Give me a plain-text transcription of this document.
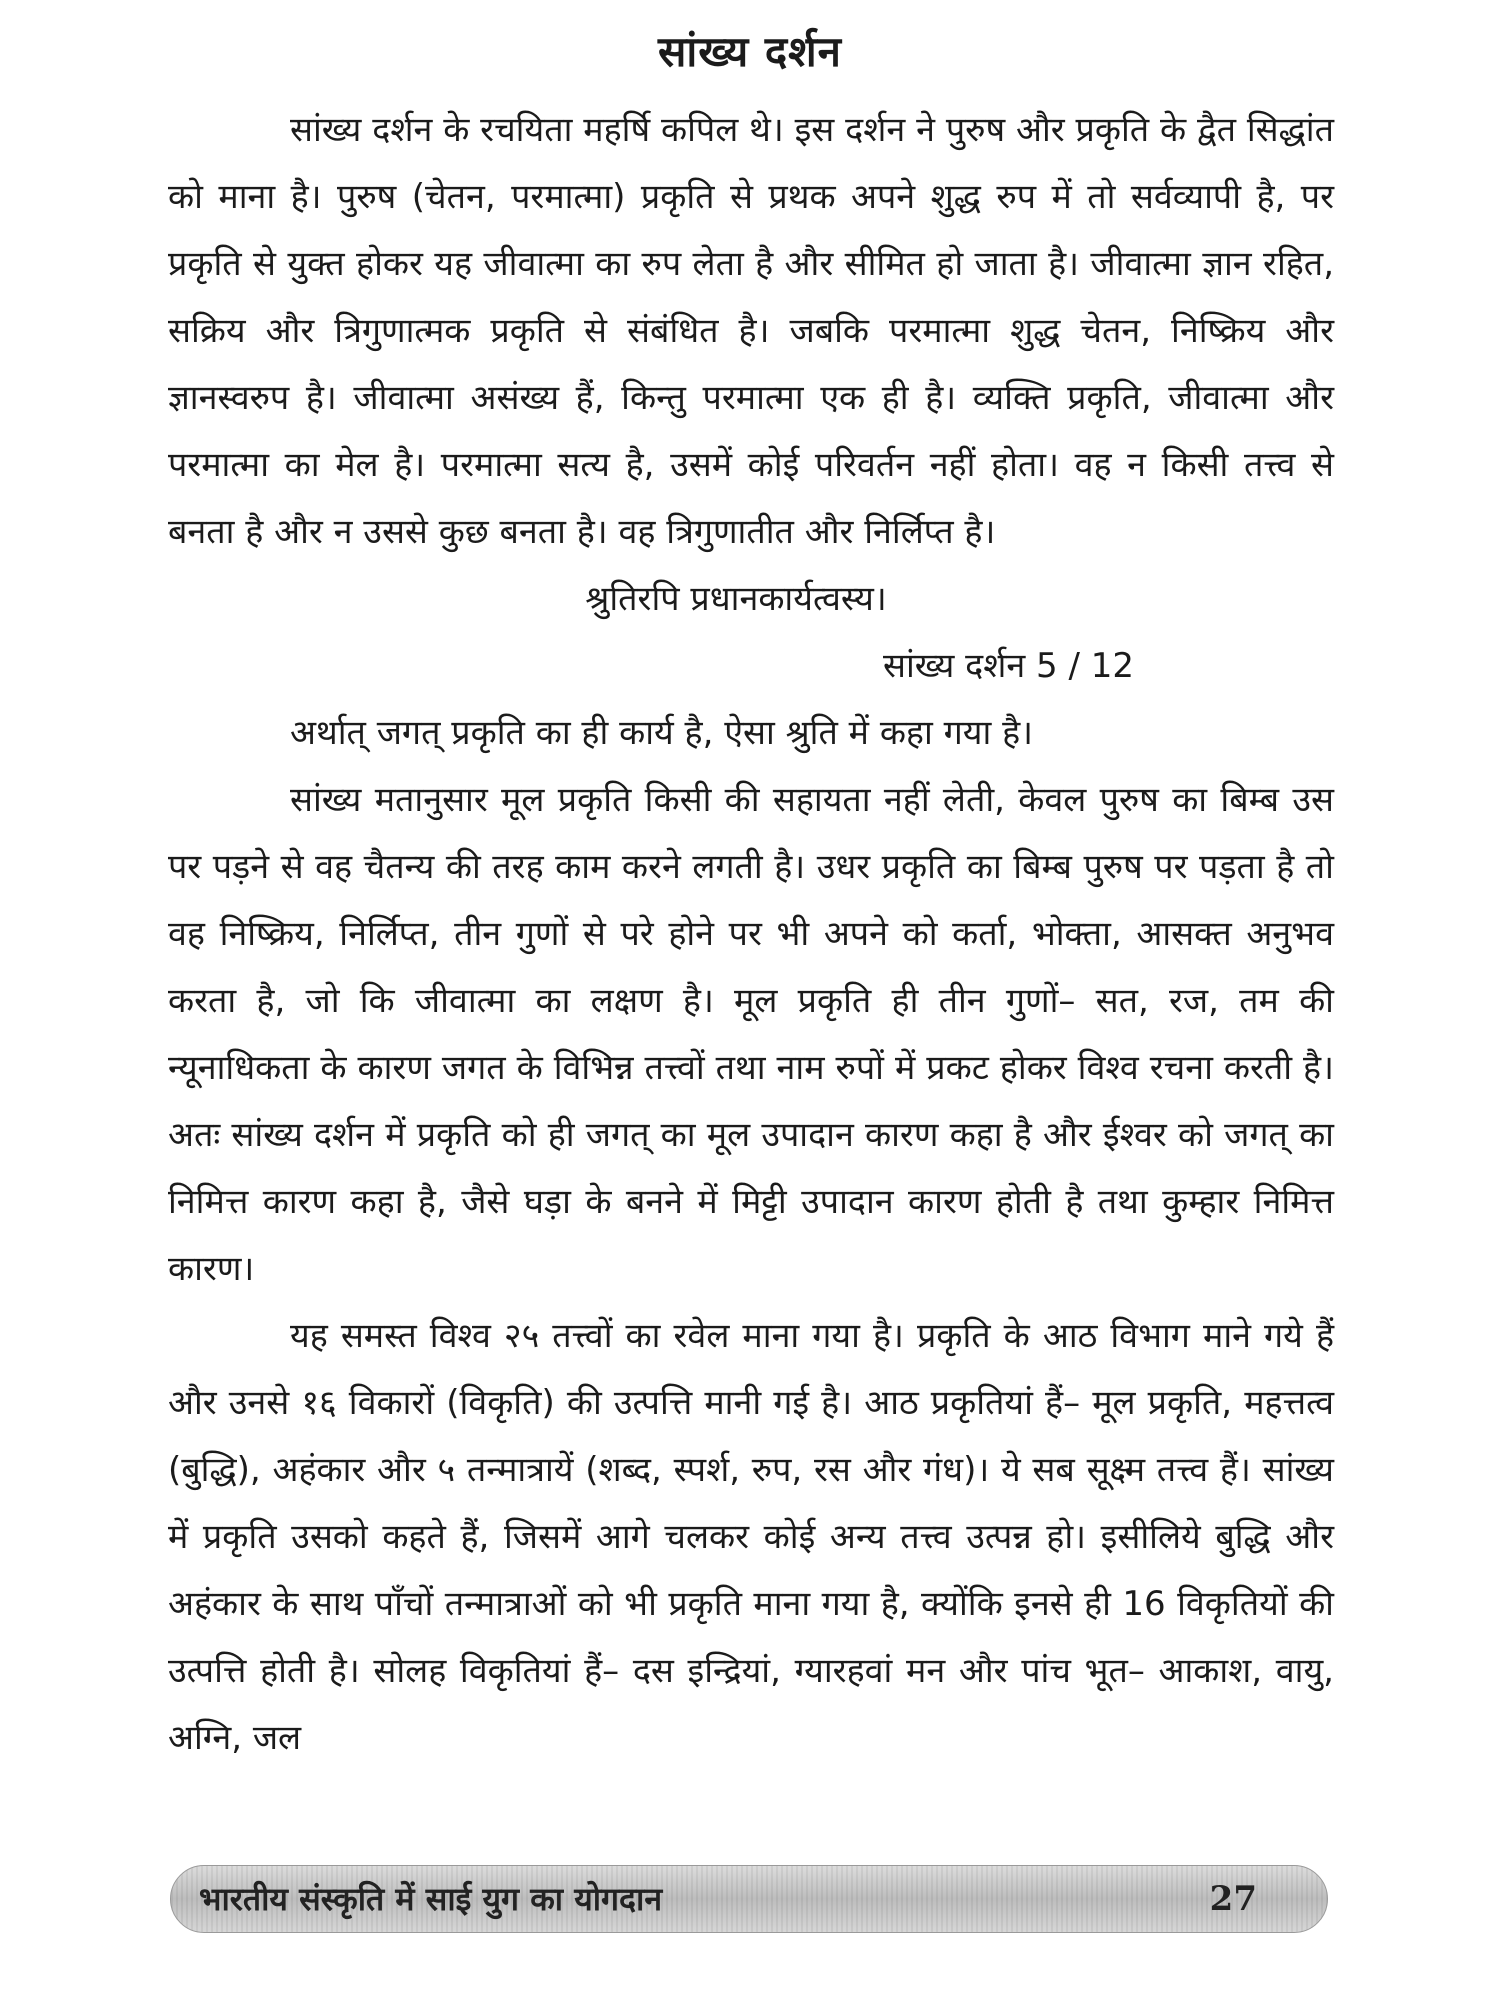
सांख्य दर्शन

सांख्य दर्शन के रचयिता महर्षि कपिल थे। इस दर्शन ने पुरुष और प्रकृति के द्वैत सिद्धांत को माना है। पुरुष (चेतन, परमात्मा) प्रकृति से प्रथक अपने शुद्ध रुप में तो सर्वव्यापी है, पर प्रकृति से युक्त होकर यह जीवात्मा का रुप लेता है और सीमित हो जाता है। जीवात्मा ज्ञान रहित, सक्रिय और त्रिगुणात्मक प्रकृति से संबंधित है। जबकि परमात्मा शुद्ध चेतन, निष्क्रिय और ज्ञानस्वरुप है। जीवात्मा असंख्य हैं, किन्तु परमात्मा एक ही है। व्यक्ति प्रकृति, जीवात्मा और परमात्मा का मेल है। परमात्मा सत्य है, उसमें कोई परिवर्तन नहीं होता। वह न किसी तत्त्व से बनता है और न उससे कुछ बनता है। वह त्रिगुणातीत और निर्लिप्त है।

श्रुतिरपि प्रधानकार्यत्वस्य।

सांख्य दर्शन 5 / 12

अर्थात् जगत् प्रकृति का ही कार्य है, ऐसा श्रुति में कहा गया है।

सांख्य मतानुसार मूल प्रकृति किसी की सहायता नहीं लेती, केवल पुरुष का बिम्ब उस पर पड़ने से वह चैतन्य की तरह काम करने लगती है। उधर प्रकृति का बिम्ब पुरुष पर पड़ता है तो वह निष्क्रिय, निर्लिप्त, तीन गुणों से परे होने पर भी अपने को कर्ता, भोक्ता, आसक्त अनुभव करता है, जो कि जीवात्मा का लक्षण है। मूल प्रकृति ही तीन गुणों– सत, रज, तम की न्यूनाधिकता के कारण जगत के विभिन्न तत्त्वों तथा नाम रुपों में प्रकट होकर विश्व रचना करती है। अतः सांख्य दर्शन में प्रकृति को ही जगत् का मूल उपादान कारण कहा है और ईश्वर को जगत् का निमित्त कारण कहा है, जैसे घड़ा के बनने में मिट्टी उपादान कारण होती है तथा कुम्हार निमित्त कारण।

यह समस्त विश्व २५ तत्त्वों का रवेल माना गया है। प्रकृति के आठ विभाग माने गये हैं और उनसे १६ विकारों (विकृति) की उत्पत्ति मानी गई है। आठ प्रकृतियां हैं– मूल प्रकृति, महत्तत्व (बुद्धि), अहंकार और ५ तन्मात्रायें (शब्द, स्पर्श, रुप, रस और गंध)। ये सब सूक्ष्म तत्त्व हैं। सांख्य में प्रकृति उसको कहते हैं, जिसमें आगे चलकर कोई अन्य तत्त्व उत्पन्न हो। इसीलिये बुद्धि और अहंकार के साथ पाँचों तन्मात्राओं को भी प्रकृति माना गया है, क्योंकि इनसे ही 16 विकृतियों की उत्पत्ति होती है। सोलह विकृतियां हैं– दस इन्द्रियां, ग्यारहवां मन और पांच भूत– आकाश, वायु, अग्नि, जल

भारतीय संस्कृति में साई युग का योगदान	27
